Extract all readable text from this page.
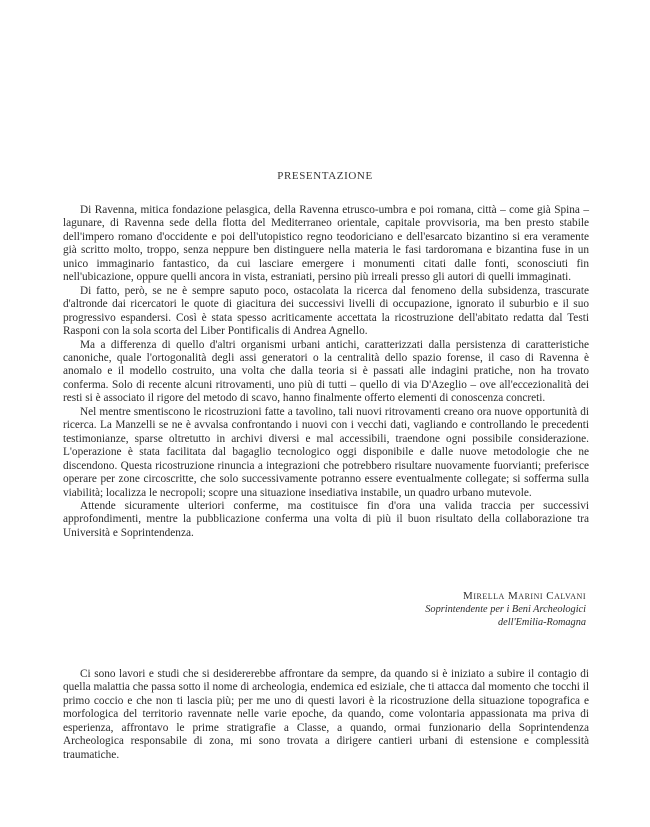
PRESENTAZIONE

Di Ravenna, mitica fondazione pelasgica, della Ravenna etrusco-umbra e poi romana, città – come già Spina – lagunare, di Ravenna sede della flotta del Mediterraneo orientale, capitale provvisoria, ma ben presto stabile dell'impero romano d'occidente e poi dell'utopistico regno teodoriciano e dell'esarcato bizantino si era veramente già scritto molto, troppo, senza neppure ben distinguere nella materia le fasi tardoromana e bizantina fuse in un unico immaginario fantastico, da cui lasciare emergere i monumenti citati dalle fonti, sconosciuti fin nell'ubicazione, oppure quelli ancora in vista, estraniati, persino più irreali presso gli autori di quelli immaginati.

Di fatto, però, se ne è sempre saputo poco, ostacolata la ricerca dal fenomeno della subsidenza, trascurate d'altronde dai ricercatori le quote di giacitura dei successivi livelli di occupazione, ignorato il suburbio e il suo progressivo espandersi. Così è stata spesso acriticamente accettata la ricostruzione dell'abitato redatta dal Testi Rasponi con la sola scorta del Liber Pontificalis di Andrea Agnello.

Ma a differenza di quello d'altri organismi urbani antichi, caratterizzati dalla persistenza di caratteristiche canoniche, quale l'ortogonalità degli assi generatori o la centralità dello spazio forense, il caso di Ravenna è anomalo e il modello costruito, una volta che dalla teoria si è passati alle indagini pratiche, non ha trovato conferma. Solo di recente alcuni ritrovamenti, uno più di tutti – quello di via D'Azeglio – ove all'eccezionalità dei resti si è associato il rigore del metodo di scavo, hanno finalmente offerto elementi di conoscenza concreti.

Nel mentre smentiscono le ricostruzioni fatte a tavolino, tali nuovi ritrovamenti creano ora nuove opportunità di ricerca. La Manzelli se ne è avvalsa confrontando i nuovi con i vecchi dati, vagliando e controllando le precedenti testimonianze, sparse oltretutto in archivi diversi e mal accessibili, traendone ogni possibile considerazione. L'operazione è stata facilitata dal bagaglio tecnologico oggi disponibile e dalle nuove metodologie che ne discendono. Questa ricostruzione rinuncia a integrazioni che potrebbero risultare nuovamente fuorvianti; preferisce operare per zone circoscritte, che solo successivamente potranno essere eventualmente collegate; si sofferma sulla viabilità; localizza le necropoli; scopre una situazione insediativa instabile, un quadro urbano mutevole.

Attende sicuramente ulteriori conferme, ma costituisce fin d'ora una valida traccia per successivi approfondimenti, mentre la pubblicazione conferma una volta di più il buon risultato della collaborazione tra Università e Soprintendenza.

Mirella Marini Calvani
Soprintendente per i Beni Archeologici
dell'Emilia-Romagna

Ci sono lavori e studi che si desidererebbe affrontare da sempre, da quando si è iniziato a subire il contagio di quella malattia che passa sotto il nome di archeologia, endemica ed esiziale, che ti attacca dal momento che tocchi il primo coccio e che non ti lascia più; per me uno di questi lavori è la ricostruzione della situazione topografica e morfologica del territorio ravennate nelle varie epoche, da quando, come volontaria appassionata ma priva di esperienza, affrontavo le prime stratigrafie a Classe, a quando, ormai funzionario della Soprintendenza Archeologica responsabile di zona, mi sono trovata a dirigere cantieri urbani di estensione e complessità traumatiche.
